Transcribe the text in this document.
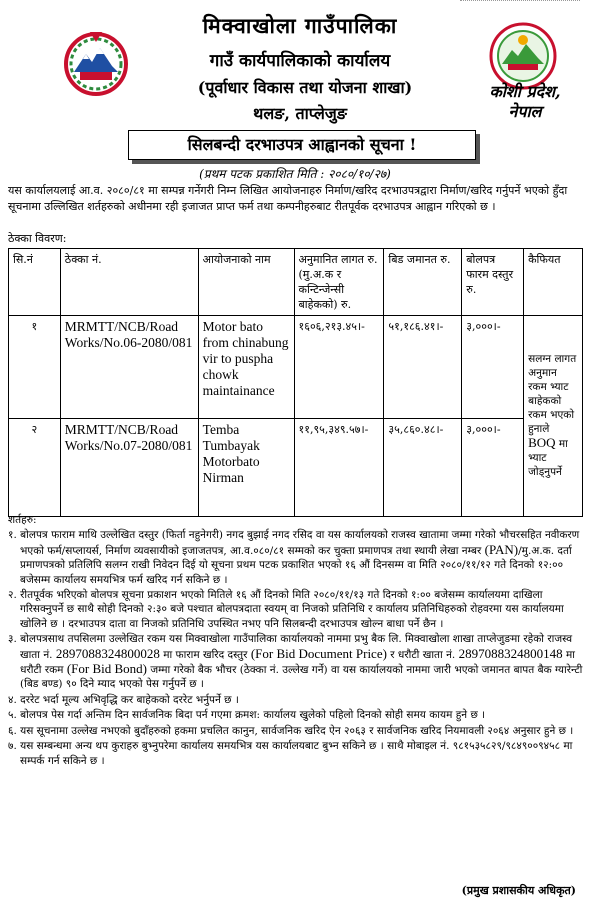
मिक्वाखोला गाउँपालिका
गाउँ कार्यपालिकाको कार्यालय
(पूर्वाधार विकास तथा योजना शाखा)
थलङ, ताप्लेजुङ
कोशी प्रदेश,
नेपाल
सिलबन्दी दरभाउपत्र आह्वानको सूचना !
(प्रथम पटक प्रकाशित मिति : २०८०/१०/२७)
यस कार्यालयलाई आ.व. २०८०/८१ मा सम्पन्न गर्नेगरी निम्न लिखित आयोजनाहरु निर्माण/खरिद दरभाउपत्रद्वारा निर्माण/खरिद गर्नुपर्ने भएको हुँदा सूचनामा उल्लिखित शर्तहरुको अधीनमा रही इजाजत प्राप्त फर्म तथा कम्पनीहरुबाट रीतपूर्वक दरभाउपत्र आह्वान गरिएको छ ।
ठेक्का विवरण:
सि.नं	ठेक्का नं.	आयोजनाको नाम	अनुमानित लागत रु. (मु.अ.क र कन्टिन्जेन्सी बाहेकको) रु.	बिड जमानत रु.	बोलपत्र फारम दस्तुर रु.	कैफियत
१	MRMTT/NCB/Road Works/No.06-2080/081	Motor bato from chinabung vir to puspha chowk maintainance	१६०६,२१३.४५।-	५१,१८६.४१।-	३,०००।-	सलग्न लागत अनुमान रकम भ्याट बाहेकको रकम भएको हुनाले BOQ मा भ्याट जोड्नुपर्ने
२	MRMTT/NCB/Road Works/No.07-2080/081	Temba Tumbayak Motorbato Nirman	११,९५,३४९.५७।-	३५,८६०.४८।-	३,०००।-	
शर्तहरु:
१. बोलपत्र फाराम माथि उल्लेखित दस्तुर (फिर्ता नहुनेगरी) नगद बुझाई नगद रसिद वा यस कार्यालयको राजस्व खातामा जम्मा गरेको भौचरसहित नवीकरण भएको फर्म/सप्लायर्स, निर्माण व्यवसायीको इजाजतपत्र, आ.व.०८०/८१ सम्मको कर चुक्ता प्रमाणपत्र तथा स्थायी लेखा नम्बर (PAN)/मु.अ.क. दर्ता प्रमाणपत्रको प्रतिलिपि सलग्न राखी निवेदन दिई यो सूचना प्रथम पटक प्रकाशित भएको १६ औं दिनसम्म वा मिति २०८०/११/१२ गते दिनको १२:०० बजेसम्म कार्यालय समयभित्र फर्म खरिद गर्न सकिने छ ।
२. रीतपूर्वक भरिएको बोलपत्र सूचना प्रकाशन भएको मितिले १६ औं दिनको मिति २०८०/११/१३ गते दिनको १:०० बजेसम्म कार्यालयमा दाखिला गरिसक्नुपर्ने छ साथै सोही दिनको २:३० बजे पश्चात बोलपत्रदाता स्वयम् वा निजको प्रतिनिधि र कार्यालय प्रतिनिधिहरुको रोहवरमा यस कार्यालयमा खोलिने छ । दरभाउपत्र दाता वा निजको प्रतिनिधि उपस्थित नभए पनि सिलबन्दी दरभाउपत्र खोल्न बाधा पर्ने छैन ।
३. बोलपत्रसाथ तपसिलमा उल्लेखित रकम यस मिक्वाखोला गाउँपालिका कार्यालयको नाममा प्रभु बैक लि. मिक्वाखोला शाखा ताप्लेजुङमा रहेको राजस्व खाता नं. 2897088324800028 मा फाराम खरिद दस्तुर (For Bid Document Price) र धरौटी खाता नं. 2897088324800148 मा धरौटी रकम (For Bid Bond) जम्मा गरेको बैक भौचर (ठेक्का नं. उल्लेख गर्ने) वा यस कार्यालयको नाममा जारी भएको जमानत बापत बैक ग्यारेन्टी (बिड बण्ड) ९० दिने म्याद भएको पेस गर्नुपर्ने छ ।
४. दररेट भर्दा मूल्य अभिवृद्धि कर बाहेकको दररेट भर्नुपर्ने छ ।
५. बोलपत्र पेस गर्दा अन्तिम दिन सार्वजनिक बिदा पर्न गएमा क्रमश: कार्यालय खुलेको पहिलो दिनको सोही समय कायम हुने छ ।
६. यस सूचनामा उल्लेख नभएको बुदाँहरुको हकमा प्रचलित कानुन, सार्वजनिक खरिद ऐन २०६३ र सार्वजनिक खरिद नियमावली २०६४ अनुसार हुने छ ।
७. यस सम्बन्धमा अन्य थप कुराहरु बुभ्नुपरेमा कार्यालय समयभित्र यस कार्यालयबाट बुभ्न सकिने छ । साथै मोबाइल नं. ९८१५३५८२९/९८४९००९४५८ मा सम्पर्क गर्न सकिने छ ।
(प्रमुख प्रशासकीय अधिकृत)
